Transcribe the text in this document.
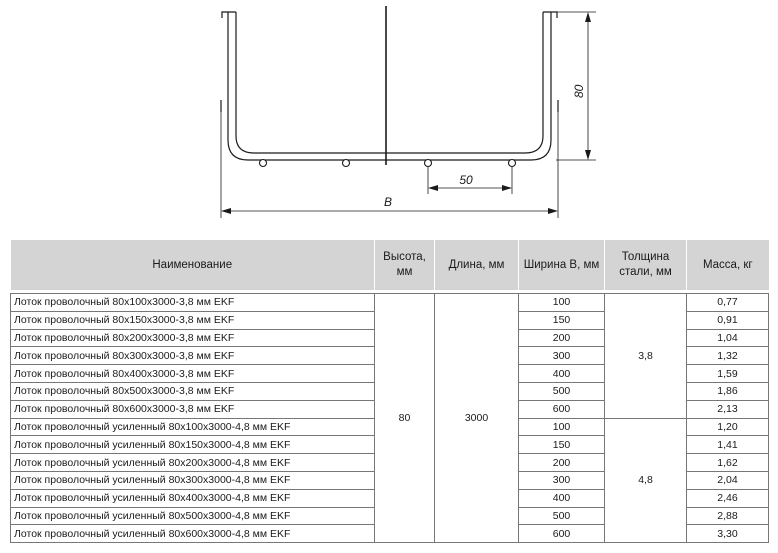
80
50
B
Наименование	Высота, мм	Длина, мм	Ширина B, мм	Толщина стали, мм	Масса, кг

Лоток проволочный 80x100x3000-3,8 мм EKF	80	3000	100	3,8	0,77
Лоток проволочный 80x150x3000-3,8 мм EKF			150		0,91
Лоток проволочный 80x200x3000-3,8 мм EKF			200		1,04
Лоток проволочный 80x300x3000-3,8 мм EKF			300		1,32
Лоток проволочный 80x400x3000-3,8 мм EKF			400		1,59
Лоток проволочный 80x500x3000-3,8 мм EKF			500		1,86
Лоток проволочный 80x600x3000-3,8 мм EKF			600		2,13
Лоток проволочный усиленный 80x100x3000-4,8 мм EKF			100	4,8	1,20
Лоток проволочный усиленный 80x150x3000-4,8 мм EKF			150		1,41
Лоток проволочный усиленный 80x200x3000-4,8 мм EKF			200		1,62
Лоток проволочный усиленный 80x300x3000-4,8 мм EKF			300		2,04
Лоток проволочный усиленный 80x400x3000-4,8 мм EKF			400		2,46
Лоток проволочный усиленный 80x500x3000-4,8 мм EKF			500		2,88
Лоток проволочный усиленный 80x600x3000-4,8 мм EKF			600		3,30
